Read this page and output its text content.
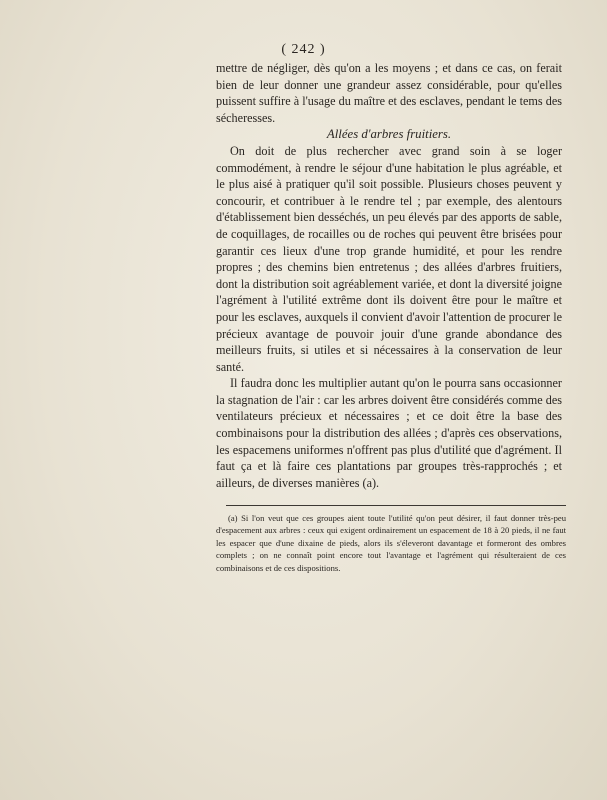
( 242 )

mettre de négliger, dès qu'on a les moyens ; et dans ce cas, on ferait bien de leur donner une grandeur assez considérable, pour qu'elles puissent suffire à l'usage du maître et des esclaves, pendant le tems des sécheresses.

Allées d'arbres fruitiers.

On doit de plus rechercher avec grand soin à se loger commodément, à rendre le séjour d'une habitation le plus agréable, et le plus aisé à pratiquer qu'il soit possible. Plusieurs choses peuvent y concourir, et contribuer à le rendre tel ; par exemple, des alentours d'établissement bien desséchés, un peu élevés par des apports de sable, de coquillages, de rocailles ou de roches qui peuvent être brisées pour garantir ces lieux d'une trop grande humidité, et pour les rendre propres ; des chemins bien entretenus ; des allées d'arbres fruitiers, dont la distribution soit agréablement variée, et dont la diversité joigne l'agrément à l'utilité extrême dont ils doivent être pour le maître et pour les esclaves, auxquels il convient d'avoir l'attention de procurer le précieux avantage de pouvoir jouir d'une grande abondance des meilleurs fruits, si utiles et si nécessaires à la conservation de leur santé.

Il faudra donc les multiplier autant qu'on le pourra sans occasionner la stagnation de l'air : car les arbres doivent être considérés comme des ventilateurs précieux et nécessaires ; et ce doit être la base des combinaisons pour la distribution des allées ; d'après ces observations, les espacemens uniformes n'offrent pas plus d'utilité que d'agrément. Il faut ça et là faire ces plantations par groupes très-rapprochés ; et ailleurs, de diverses manières (a).

(a) Si l'on veut que ces groupes aient toute l'utilité qu'on peut désirer, il faut donner très-peu d'espacement aux arbres : ceux qui exigent ordinairement un espacement de 18 à 20 pieds, il ne faut les espacer que d'une dixaine de pieds, alors ils s'éleveront davantage et formeront des ombres complets ; on ne connaît point encore tout l'avantage et l'agrément qui résulteraient de ces combinaisons et de ces dispositions.
